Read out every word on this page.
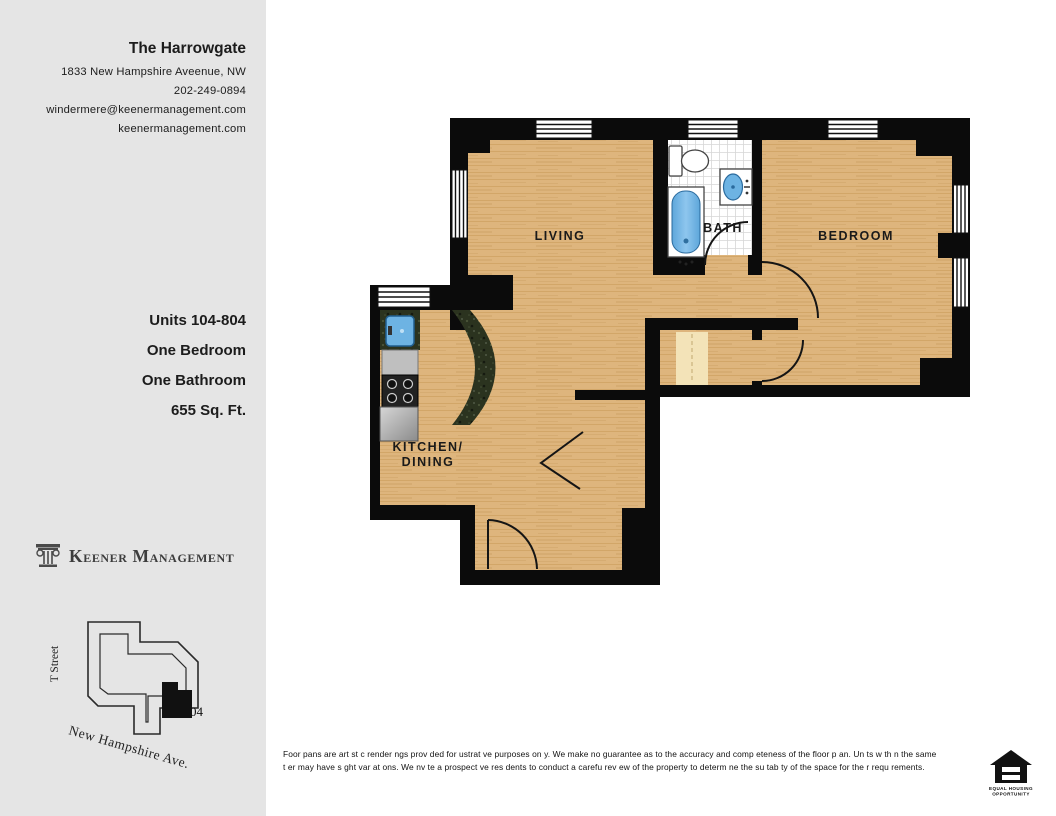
The Harrowgate
1833 New Hampshire Aveenue, NW
202-249-0894
windermere@keenermanagement.com
keenermanagement.com
Units 104-804
One Bedroom
One Bathroom
655 Sq. Ft.
Keener Management
T Street
04
New Hampshire Ave.
LIVING
BATH
BEDROOM
KITCHEN/
DINING
Foor pans are art st c render ngs prov ded for ustrat ve purposes on y. We make no guarantee as to the accuracy and comp eteness of the floor p an. Un ts w th n the same
t er may have s ght var at ons. We nv te a prospect ve res dents to conduct a carefu rev ew of the property to determ ne the su tab ty of the space for the r requ rements.
EQUAL HOUSING
OPPORTUNITY
